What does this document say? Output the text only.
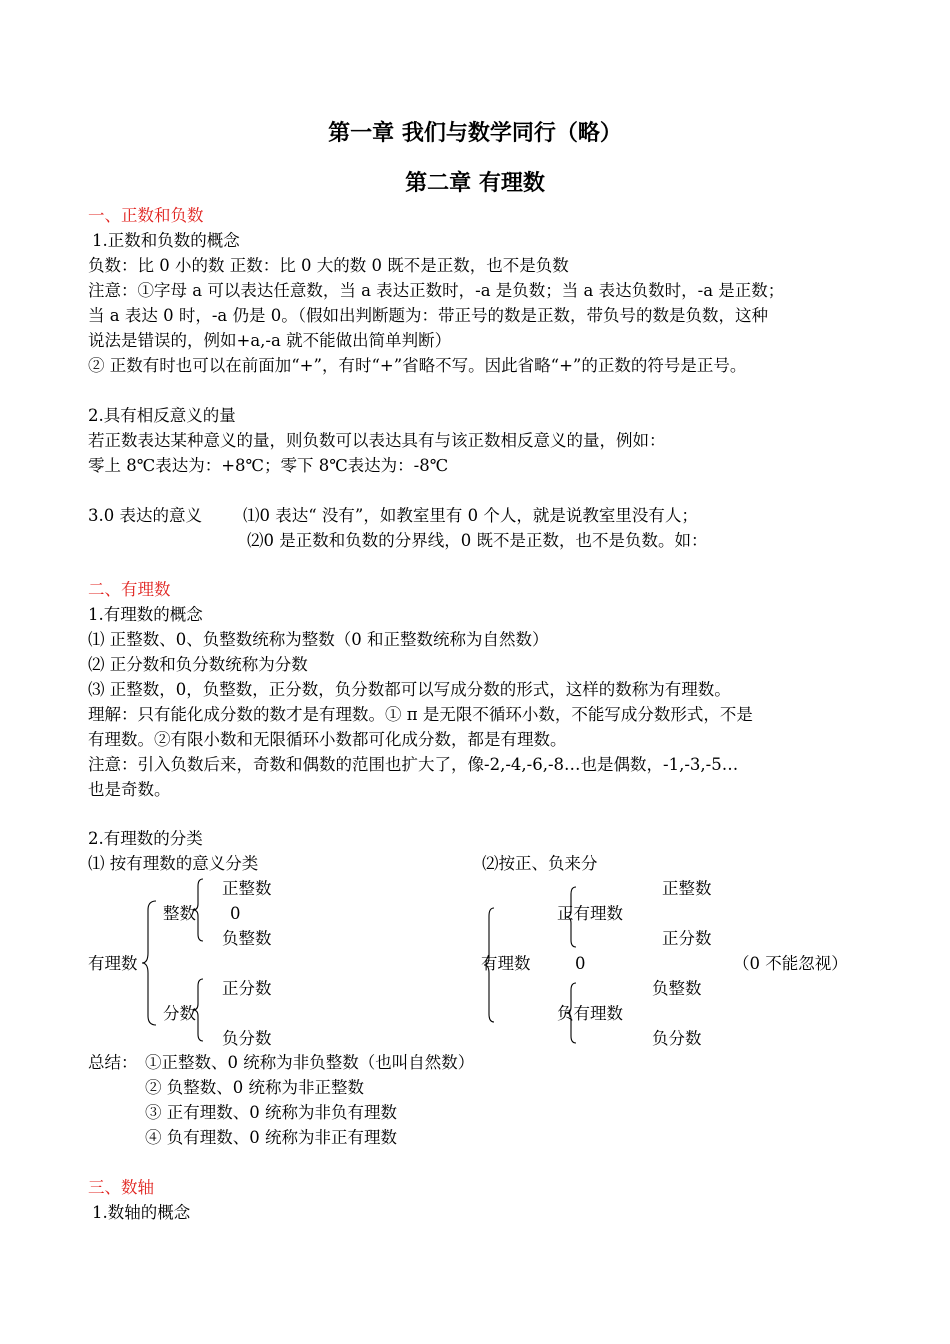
第一章 我们与数学同行（略）
第二章 有理数
一、正数和负数
1.正数和负数的概念
负数：比 0 小的数 正数：比 0 大的数 0 既不是正数，也不是负数
注意：①字母 a 可以表达任意数，当 a 表达正数时，-a 是负数；当 a 表达负数时，-a 是正数；
当 a 表达 0 时，-a 仍是 0。（假如出判断题为：带正号的数是正数，带负号的数是负数，这种
说法是错误的，例如+a,-a 就不能做出简单判断）
② 正数有时也可以在前面加“+”，有时“+”省略不写。因此省略“+”的正数的符号是正号。
2.具有相反意义的量
若正数表达某种意义的量，则负数可以表达具有与该正数相反意义的量，例如：
零上 8℃表达为：+8℃；零下 8℃表达为：-8℃
3.0 表达的意义 ⑴0 表达“ 没有”，如教室里有 0 个人，就是说教室里没有人；
⑵0 是正数和负数的分界线，0 既不是正数，也不是负数。如：
二、有理数
1.有理数的概念
⑴ 正整数、0、负整数统称为整数（0 和正整数统称为自然数）
⑵ 正分数和负分数统称为分数
⑶ 正整数，0，负整数，正分数，负分数都可以写成分数的形式，这样的数称为有理数。
理解：只有能化成分数的数才是有理数。① π 是无限不循环小数，不能写成分数形式，不是
有理数。②有限小数和无限循环小数都可化成分数，都是有理数。
注意：引入负数后来，奇数和偶数的范围也扩大了，像-2,-4,-6,-8…也是偶数，-1,-3,-5…
也是奇数。
2.有理数的分类
⑴ 按有理数的意义分类
正整数
整数 0
负整数
有理数
正分数
分数
负分数
⑵按正、负来分
正整数
正有理数
正分数
有理数	0	（0 不能忽视）
负整数
负有理数
负分数
总结： ①正整数、0 统称为非负整数（也叫自然数）
② 负整数、0 统称为非正整数
③ 正有理数、0 统称为非负有理数
④ 负有理数、0 统称为非正有理数
三、数轴
1.数轴的概念
